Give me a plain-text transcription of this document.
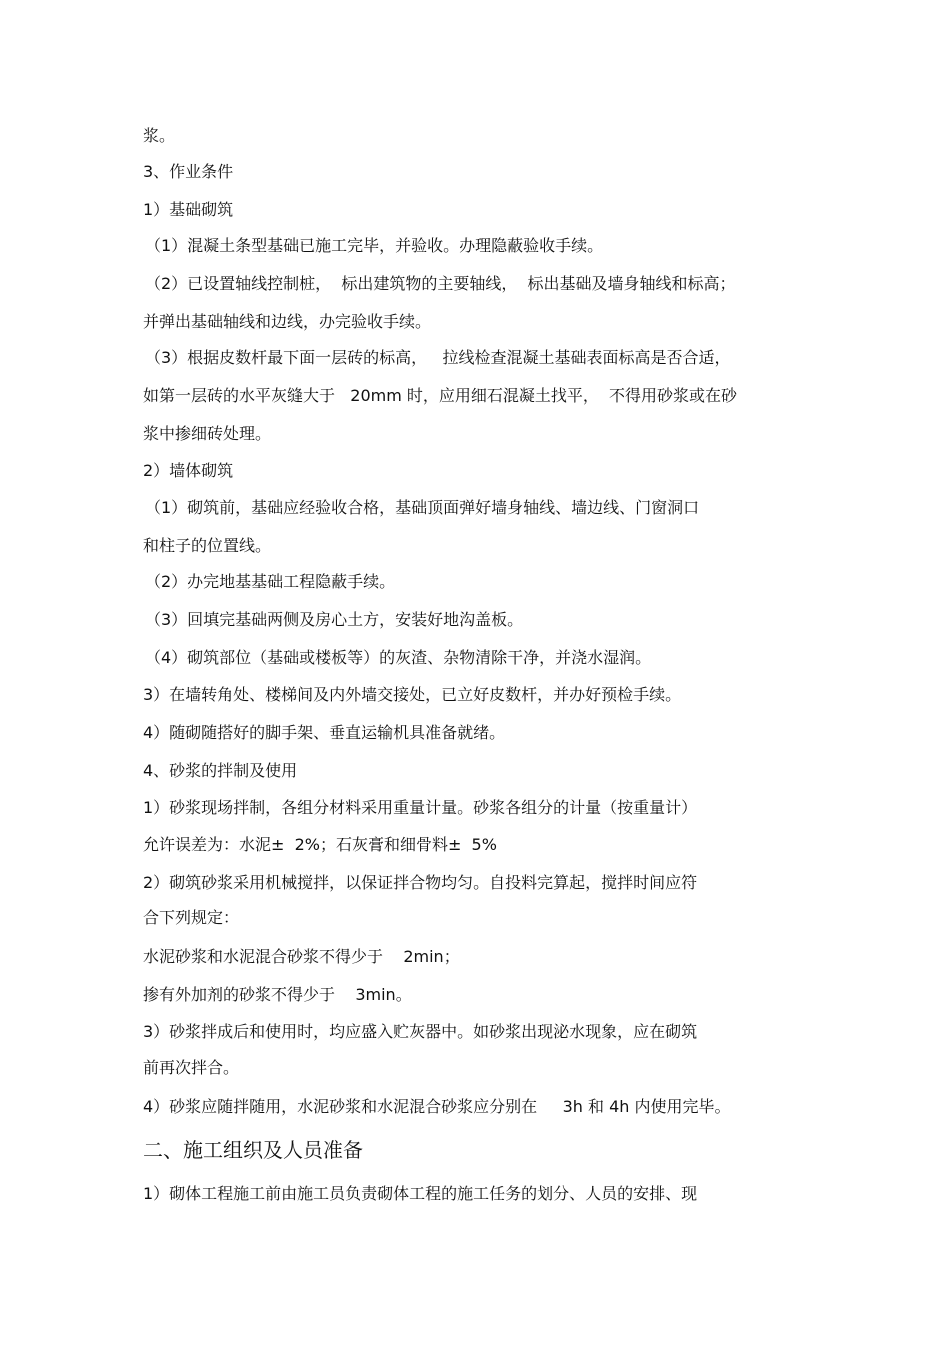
浆。
3、作业条件
1）基础砌筑
（1）混凝土条型基础已施工完毕，并验收。办理隐蔽验收手续。
（2）已设置轴线控制桩，  标出建筑物的主要轴线，  标出基础及墙身轴线和标高；
并弹出基础轴线和边线，办完验收手续。
（3）根据皮数杆最下面一层砖的标高，   拉线检查混凝土基础表面标高是否合适，
如第一层砖的水平灰缝大于   20mm 时，应用细石混凝土找平，  不得用砂浆或在砂
浆中掺细砖处理。
2）墙体砌筑
（1）砌筑前，基础应经验收合格，基础顶面弹好墙身轴线、墙边线、门窗洞口
和柱子的位置线。
（2）办完地基基础工程隐蔽手续。
（3）回填完基础两侧及房心土方，安装好地沟盖板。
（4）砌筑部位（基础或楼板等）的灰渣、杂物清除干净，并浇水湿润。
3）在墙转角处、楼梯间及内外墙交接处，已立好皮数杆，并办好预检手续。
4）随砌随搭好的脚手架、垂直运输机具准备就绪。
4、砂浆的拌制及使用
1）砂浆现场拌制，各组分材料采用重量计量。砂浆各组分的计量（按重量计）
允许误差为：水泥±  2%；石灰膏和细骨料±  5%
2）砌筑砂浆采用机械搅拌，以保证拌合物均匀。自投料完算起，搅拌时间应符
合下列规定：
水泥砂浆和水泥混合砂浆不得少于    2min；
掺有外加剂的砂浆不得少于    3min。
3）砂浆拌成后和使用时，均应盛入贮灰器中。如砂浆出现泌水现象，应在砌筑
前再次拌合。
4）砂浆应随拌随用，水泥砂浆和水泥混合砂浆应分别在     3h 和 4h 内使用完毕。
二、施工组织及人员准备
1）砌体工程施工前由施工员负责砌体工程的施工任务的划分、人员的安排、现
